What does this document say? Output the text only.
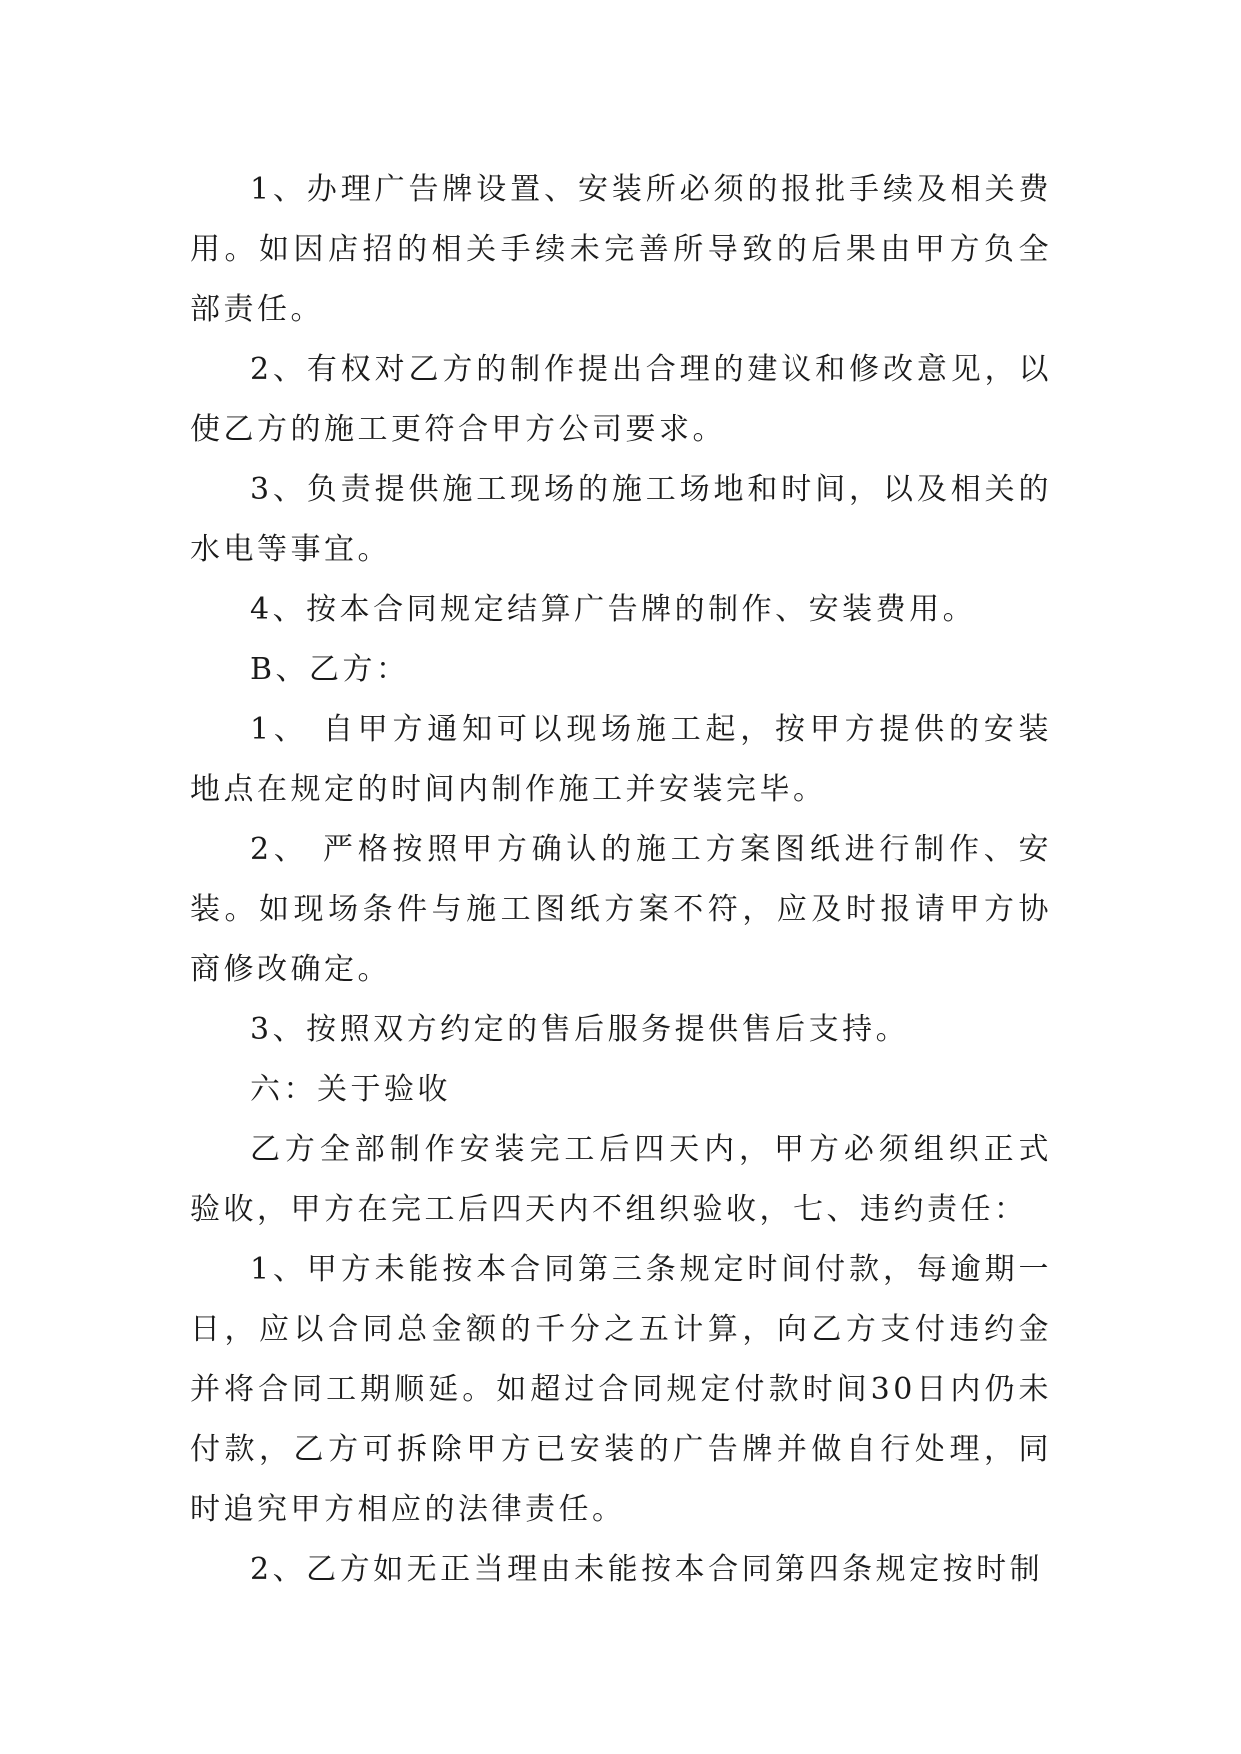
1、办理广告牌设置、安装所必须的报批手续及相关费用。如因店招的相关手续未完善所导致的后果由甲方负全部责任。

2、有权对乙方的制作提出合理的建议和修改意见，以使乙方的施工更符合甲方公司要求。

3、负责提供施工现场的施工场地和时间，以及相关的水电等事宜。

4、按本合同规定结算广告牌的制作、安装费用。

B、乙方：

1、 自甲方通知可以现场施工起，按甲方提供的安装地点在规定的时间内制作施工并安装完毕。

2、 严格按照甲方确认的施工方案图纸进行制作、安装。如现场条件与施工图纸方案不符，应及时报请甲方协商修改确定。

3、按照双方约定的售后服务提供售后支持。

六：关于验收

乙方全部制作安装完工后四天内，甲方必须组织正式验收，甲方在完工后四天内不组织验收，七、违约责任：

1、甲方未能按本合同第三条规定时间付款，每逾期一日，应以合同总金额的千分之五计算，向乙方支付违约金并将合同工期顺延。如超过合同规定付款时间30日内仍未付款，乙方可拆除甲方已安装的广告牌并做自行处理，同时追究甲方相应的法律责任。

2、乙方如无正当理由未能按本合同第四条规定按时制
